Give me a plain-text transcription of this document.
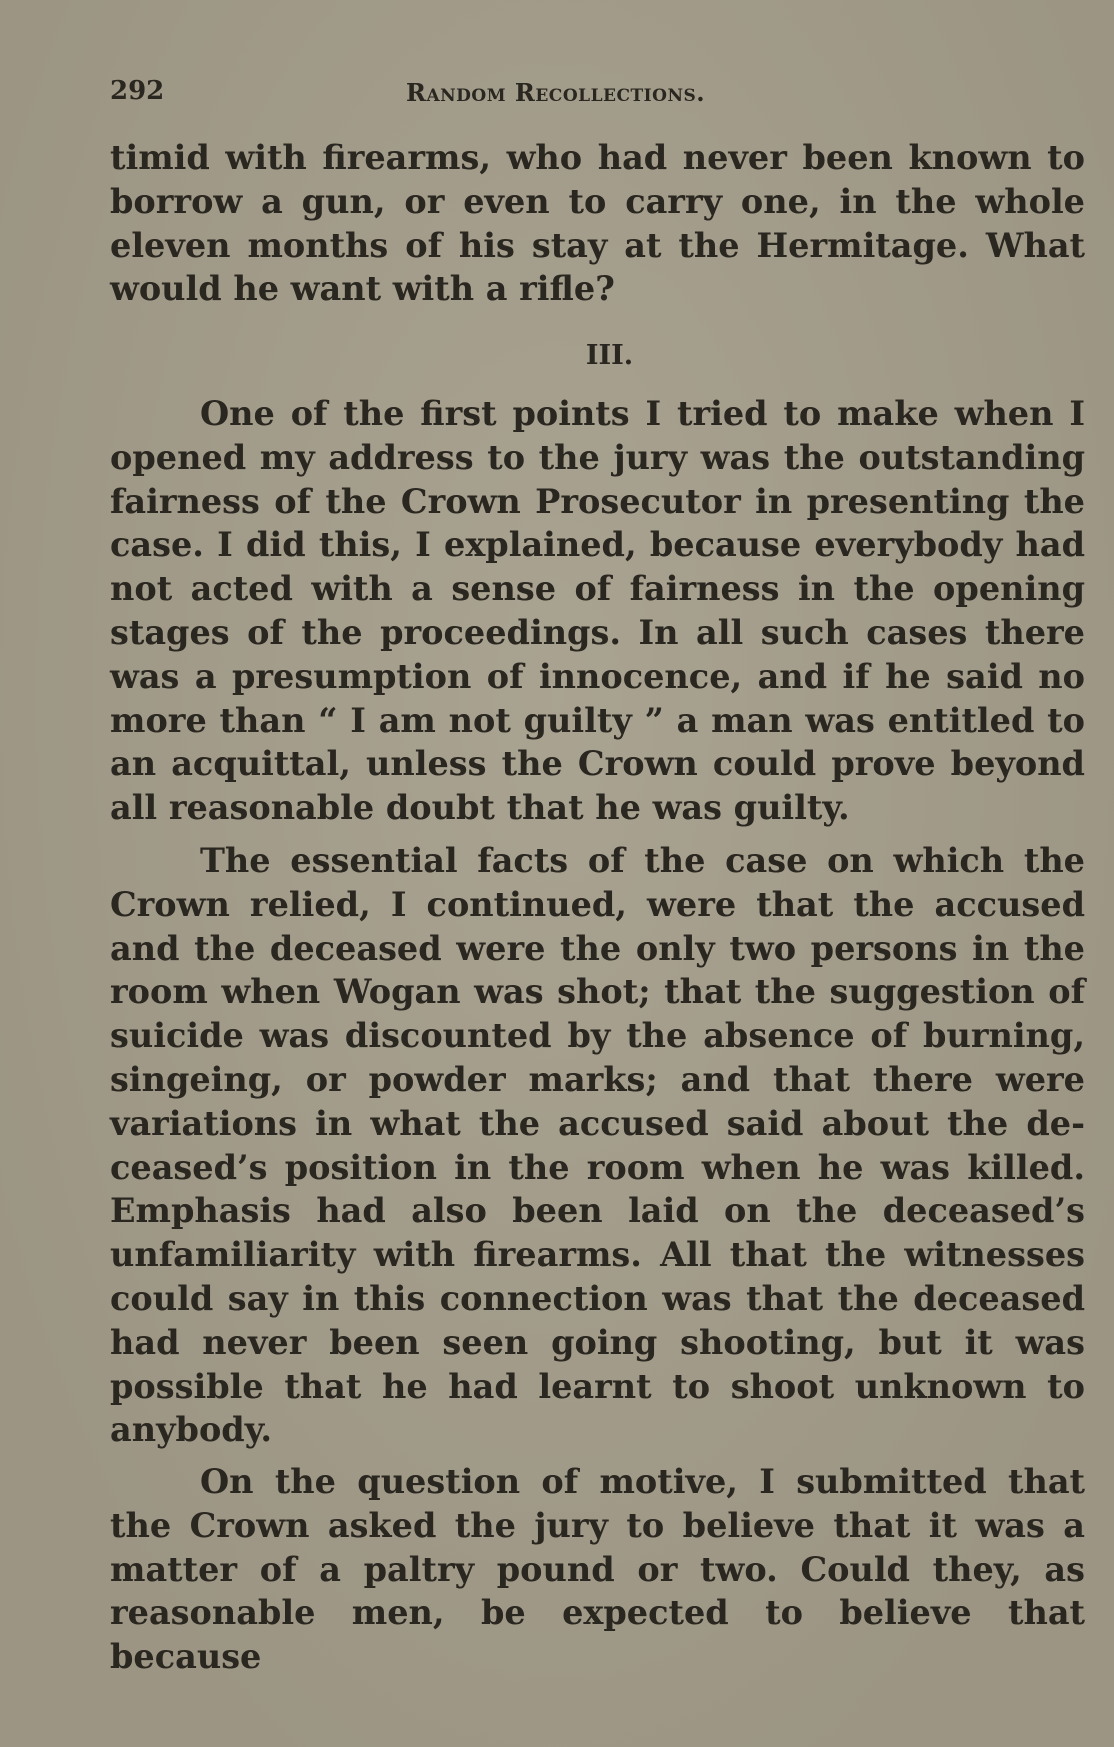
292	Random Recollections.

timid with firearms, who had never been known to borrow a gun, or even to carry one, in the whole eleven months of his stay at the Hermitage. What would he want with a rifle?

III.

One of the first points I tried to make when I opened my address to the jury was the outstanding fairness of the Crown Prosecutor in presenting the case. I did this, I explained, because everybody had not acted with a sense of fairness in the opening stages of the proceedings. In all such cases there was a presumption of innocence, and if he said no more than “ I am not guilty ” a man was entitled to an acquittal, unless the Crown could prove beyond all reasonable doubt that he was guilty.

The essential facts of the case on which the Crown relied, I continued, were that the accused and the deceased were the only two persons in the room when Wogan was shot; that the suggestion of suicide was discounted by the absence of burning, singeing, or powder marks; and that there were variations in what the accused said about the deceased’s position in the room when he was killed. Emphasis had also been laid on the deceased’s unfamiliarity with firearms. All that the witnesses could say in this connection was that the deceased had never been seen going shooting, but it was possible that he had learnt to shoot unknown to anybody.

On the question of motive, I submitted that the Crown asked the jury to believe that it was a matter of a paltry pound or two. Could they, as reasonable men, be expected to believe that because
